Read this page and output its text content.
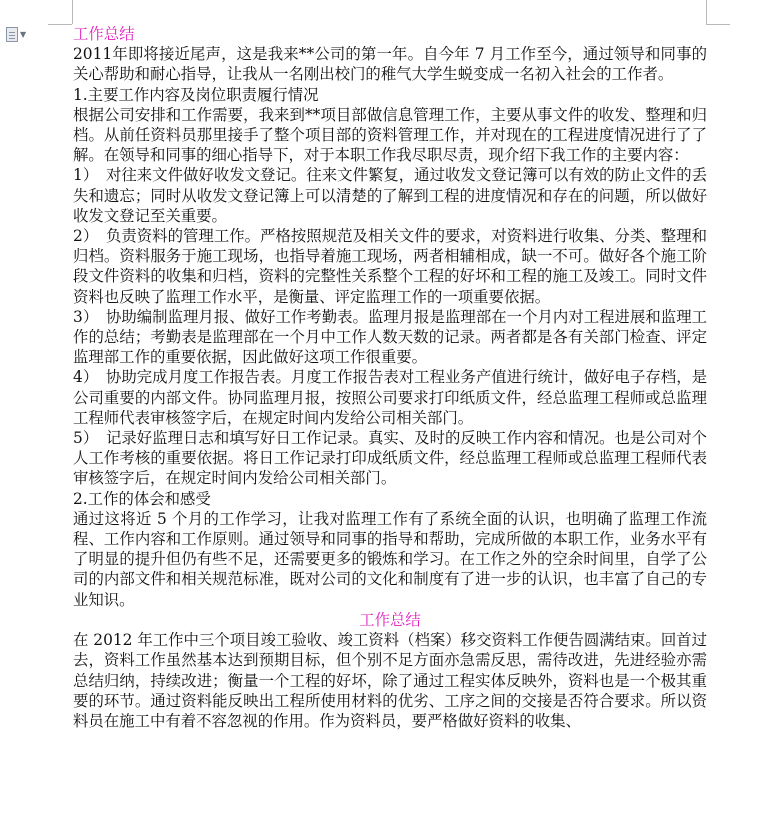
▼	工作总结

2011年即将接近尾声，这是我来**公司的第一年。自今年 7 月工作至今，通过领导和同事的关心帮助和耐心指导，让我从一名刚出校门的稚气大学生蜕变成一名初入社会的工作者。

1.主要工作内容及岗位职责履行情况

根据公司安排和工作需要，我来到**项目部做信息管理工作，主要从事文件的收发、整理和归档。从前任资料员那里接手了整个项目部的资料管理工作，并对现在的工程进度情况进行了了解。在领导和同事的细心指导下，对于本职工作我尽职尽责，现介绍下我工作的主要内容：

1）　对往来文件做好收发文登记。往来文件繁复，通过收发文登记簿可以有效的防止文件的丢失和遗忘；同时从收发文登记簿上可以清楚的了解到工程的进度情况和存在的问题，所以做好收发文登记至关重要。

2）　负责资料的管理工作。严格按照规范及相关文件的要求，对资料进行收集、分类、整理和归档。资料服务于施工现场，也指导着施工现场，两者相辅相成，缺一不可。做好各个施工阶段文件资料的收集和归档，资料的完整性关系整个工程的好坏和工程的施工及竣工。同时文件资料也反映了监理工作水平，是衡量、评定监理工作的一项重要依据。

3）　协助编制监理月报、做好工作考勤表。监理月报是监理部在一个月内对工程进展和监理工作的总结；考勤表是监理部在一个月中工作人数天数的记录。两者都是各有关部门检查、评定监理部工作的重要依据，因此做好这项工作很重要。

4）　协助完成月度工作报告表。月度工作报告表对工程业务产值进行统计，做好电子存档，是公司重要的内部文件。协同监理月报，按照公司要求打印纸质文件，经总监理工程师或总监理工程师代表审核签字后，在规定时间内发给公司相关部门。

5）　记录好监理日志和填写好日工作记录。真实、及时的反映工作内容和情况。也是公司对个人工作考核的重要依据。将日工作记录打印成纸质文件，经总监理工程师或总监理工程师代表审核签字后，在规定时间内发给公司相关部门。

2.工作的体会和感受

通过这将近 5 个月的工作学习，让我对监理工作有了系统全面的认识，也明确了监理工作流程、工作内容和工作原则。通过领导和同事的指导和帮助，完成所做的本职工作，业务水平有了明显的提升但仍有些不足，还需要更多的锻炼和学习。在工作之外的空余时间里，自学了公司的内部文件和相关规范标准，既对公司的文化和制度有了进一步的认识，也丰富了自己的专业知识。

工作总结

在 2012 年工作中三个项目竣工验收、竣工资料（档案）移交资料工作便告圆满结束。回首过去，资料工作虽然基本达到预期目标，但个别不足方面亦急需反思，需待改进，先进经验亦需总结归纳，持续改进；衡量一个工程的好坏，除了通过工程实体反映外，资料也是一个极其重要的环节。通过资料能反映出工程所使用材料的优劣、工序之间的交接是否符合要求。所以资料员在施工中有着不容忽视的作用。作为资料员，要严格做好资料的收集、
